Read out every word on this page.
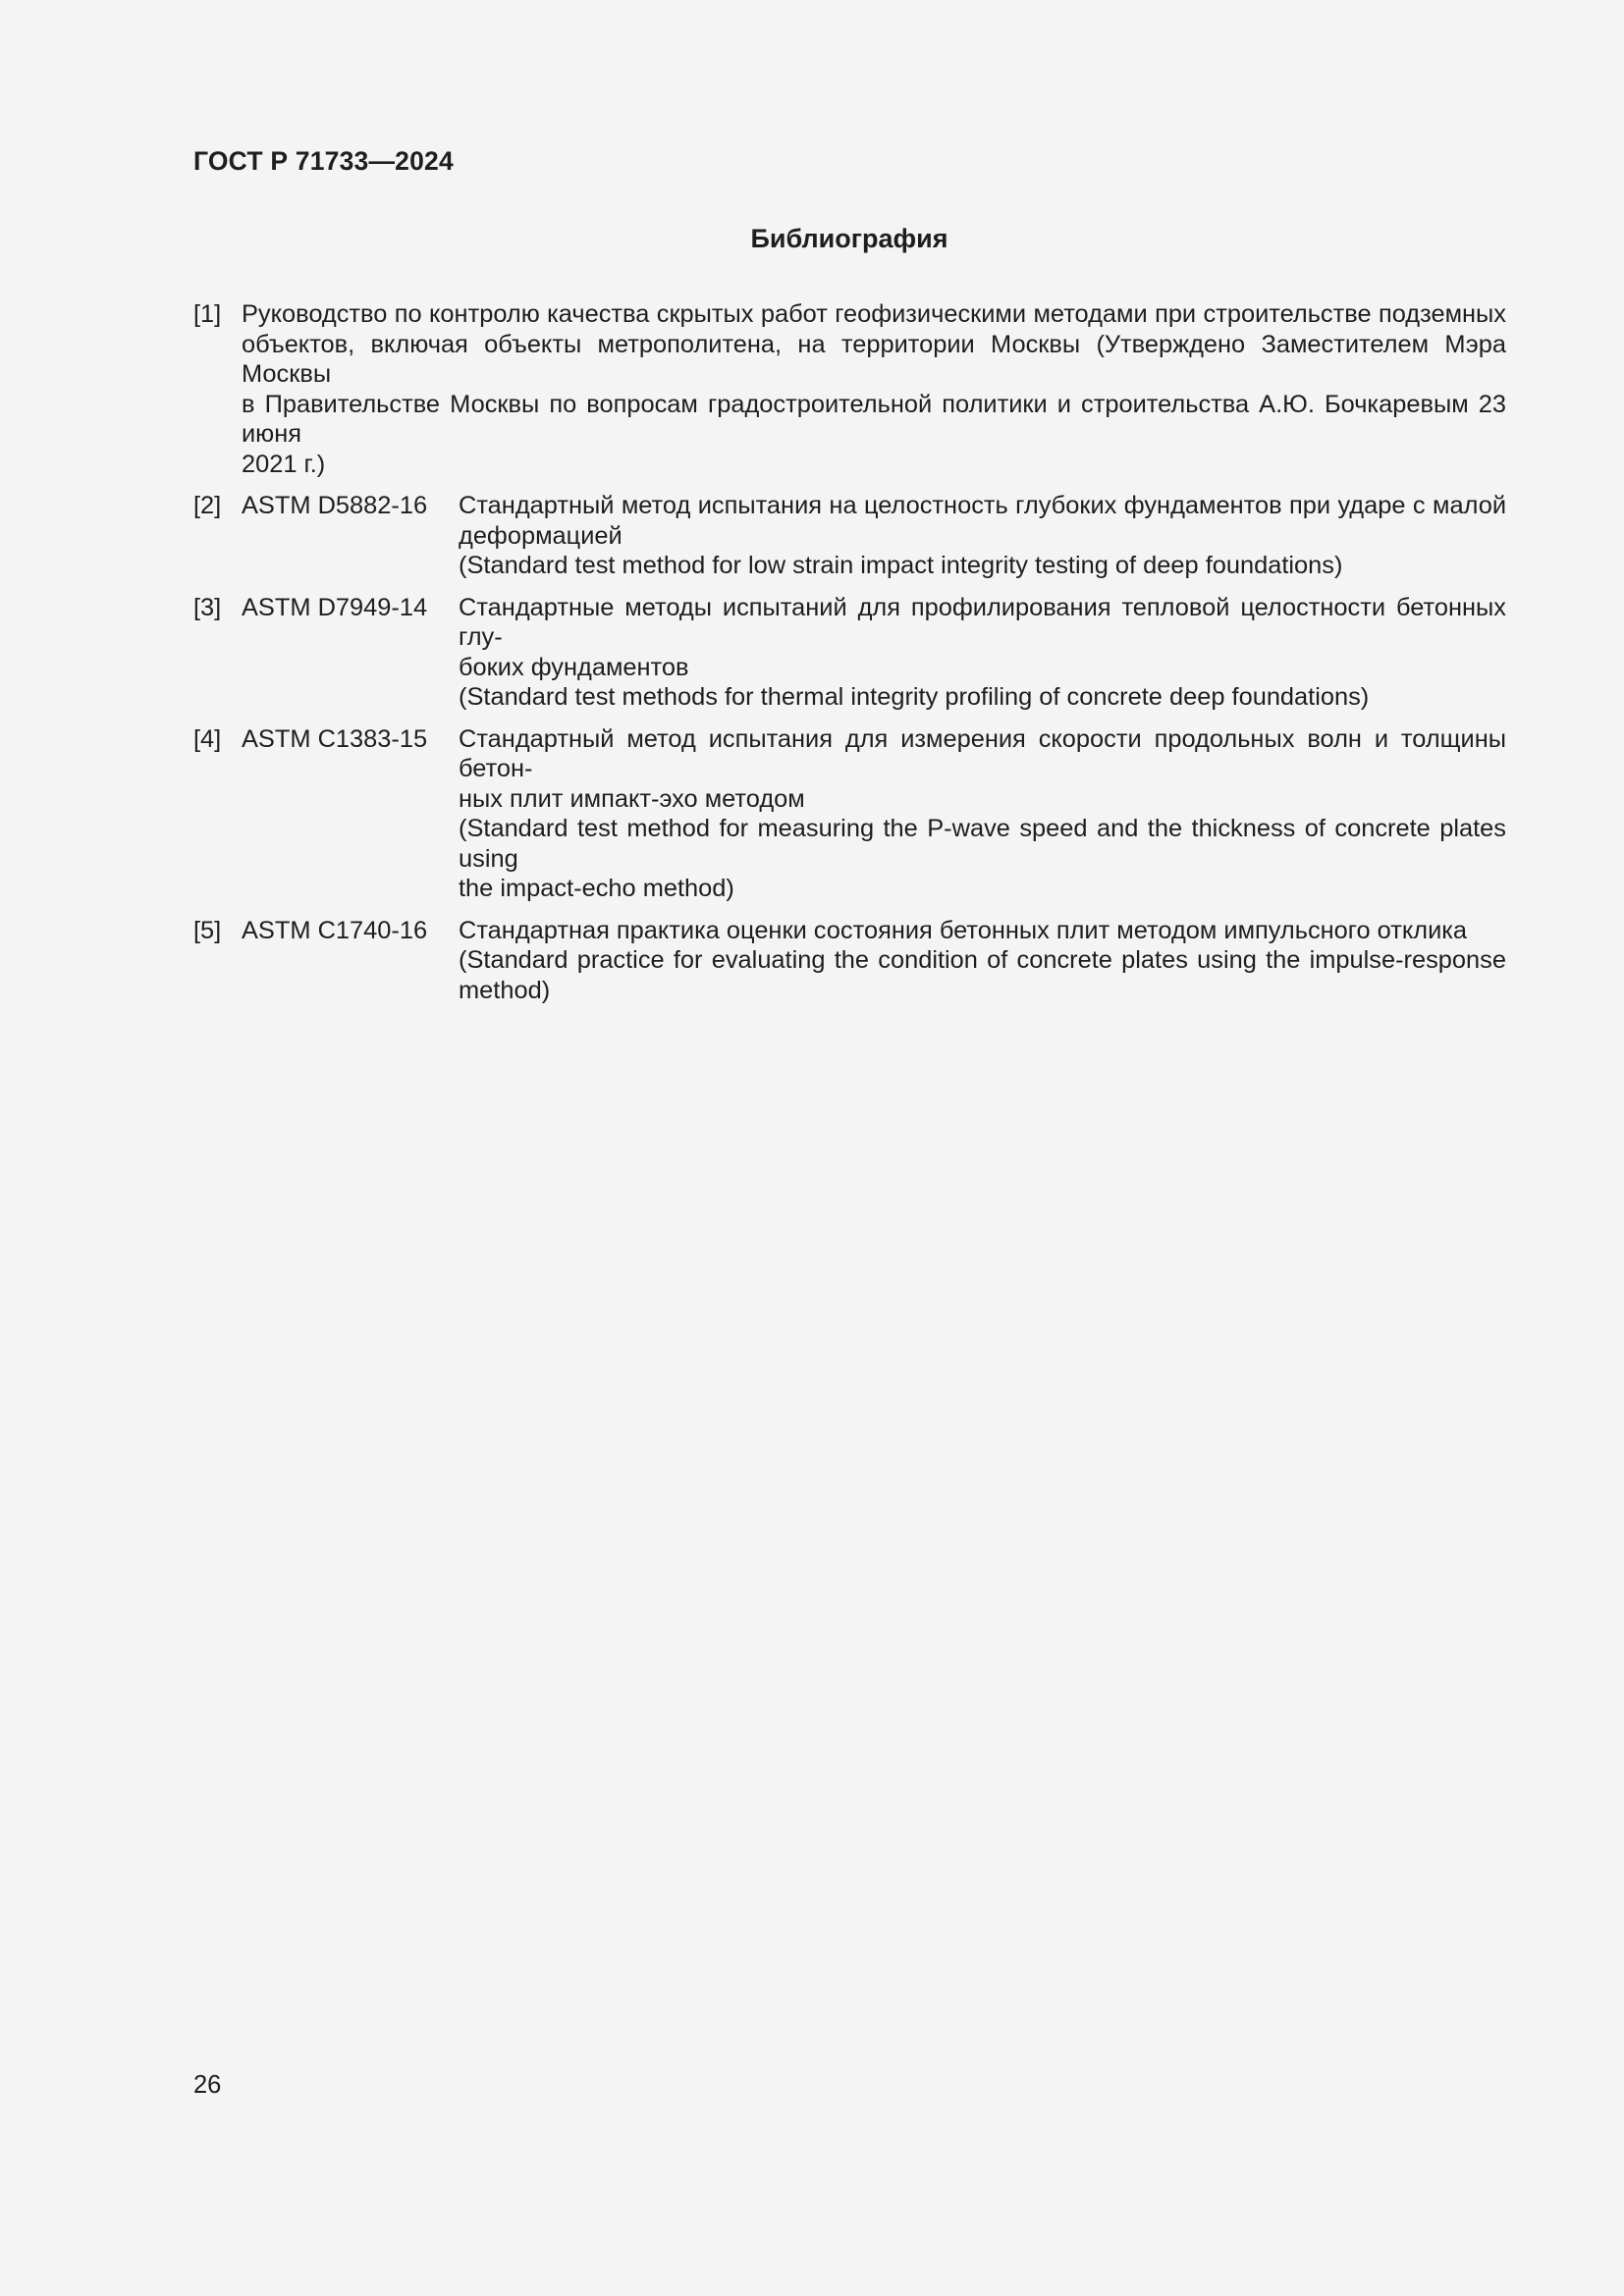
ГОСТ Р 71733—2024
Библиография
[1] Руководство по контролю качества скрытых работ геофизическими методами при строительстве подземных
объектов, включая объекты метрополитена, на территории Москвы (Утверждено Заместителем Мэра Москвы
в Правительстве Москвы по вопросам градостроительной политики и строительства А.Ю. Бочкаревым 23 июня
2021 г.)
[2] ASTM D5882-16 Стандартный метод испытания на целостность глубоких фундаментов при ударе с малой
деформацией
(Standard test method for low strain impact integrity testing of deep foundations)
[3] ASTM D7949-14 Стандартные методы испытаний для профилирования тепловой целостности бетонных глу-
боких фундаментов
(Standard test methods for thermal integrity profiling of concrete deep foundations)
[4] ASTM C1383-15 Стандартный метод испытания для измерения скорости продольных волн и толщины бетон-
ных плит импакт-эхо методом
(Standard test method for measuring the P-wave speed and the thickness of concrete plates using
the impact-echo method)
[5] ASTM C1740-16 Стандартная практика оценки состояния бетонных плит методом импульсного отклика
(Standard practice for evaluating the condition of concrete plates using the impulse-response
method)

26
